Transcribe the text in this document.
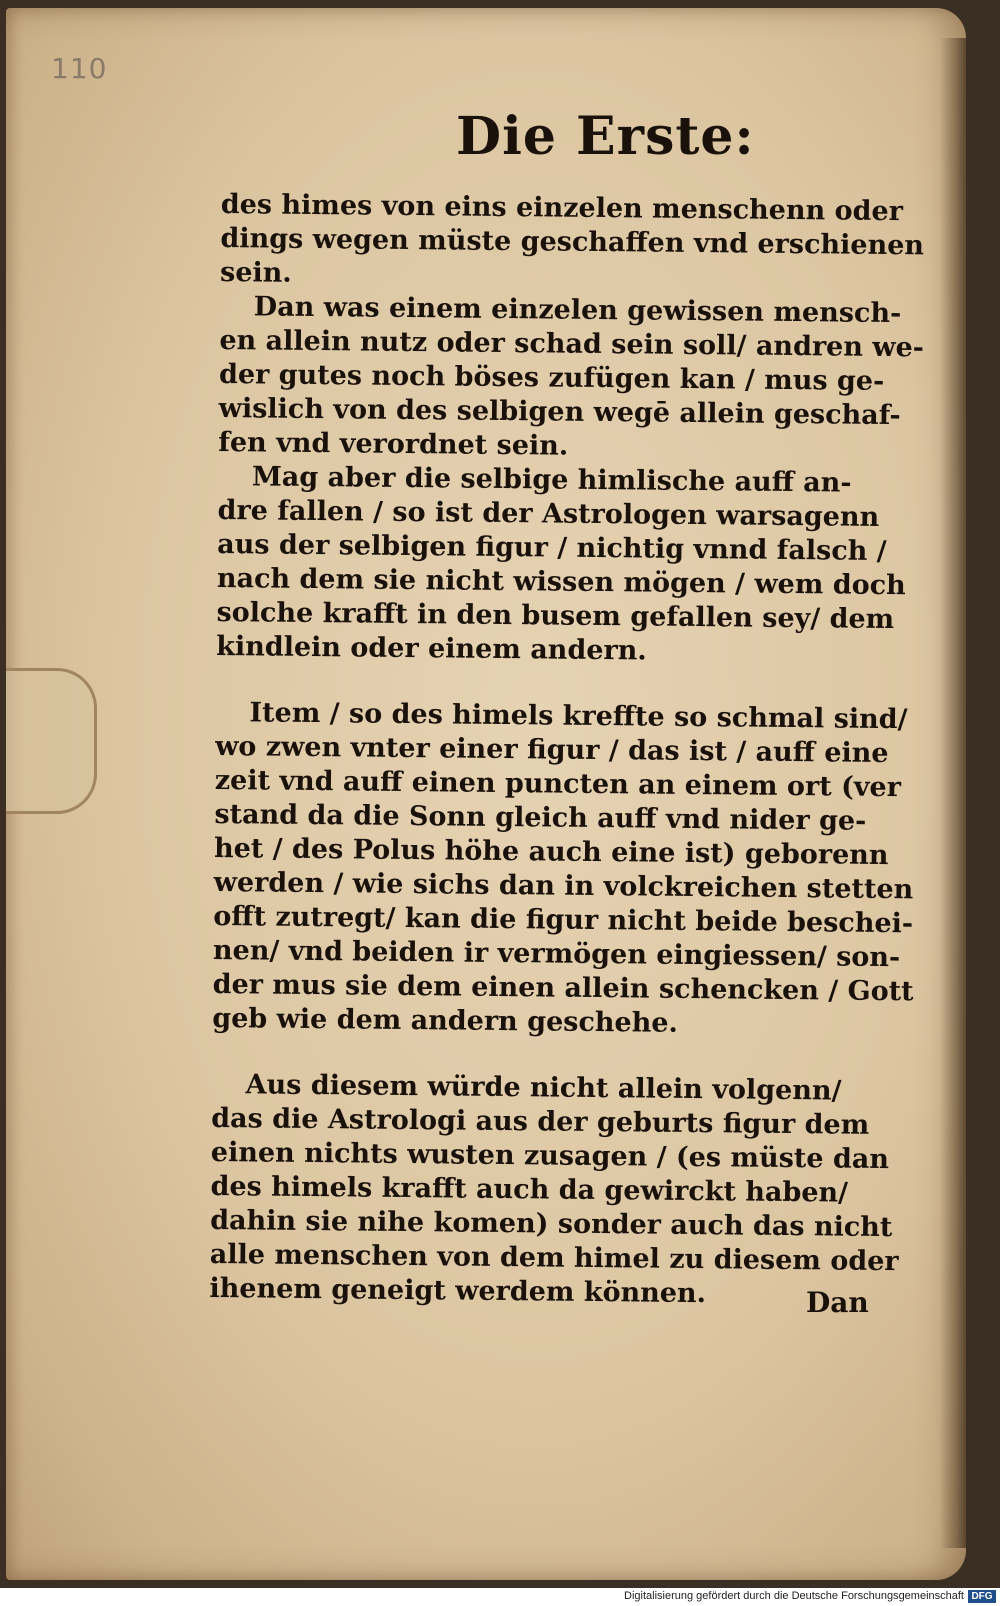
110
Die Erste:
des himes von eins einzelen menschenn oder
dings wegen müste geschaffen vnd erschienen
sein.
Dan was einem einzelen gewissen mensch-
en allein nutz oder schad sein soll/ andren we-
der gutes noch böses zufügen kan / mus ge-
wislich von des selbigen wegē allein geschaf-
fen vnd verordnet sein.
Mag aber die selbige himlische auff an-
dre fallen / so ist der Astrologen warsagenn
aus der selbigen figur / nichtig vnnd falsch /
nach dem sie nicht wissen mögen / wem doch
solche krafft in den busem gefallen sey/ dem
kindlein oder einem andern.
Item / so des himels kreffte so schmal sind/
wo zwen vnter einer figur / das ist / auff eine
zeit vnd auff einen puncten an einem ort (ver
stand da die Sonn gleich auff vnd nider ge-
het / des Polus höhe auch eine ist) geborenn
werden / wie sichs dan in volckreichen stetten
offt zutregt/ kan die figur nicht beide beschei-
nen/ vnd beiden ir vermögen eingiessen/ son-
der mus sie dem einen allein schencken / Gott
geb wie dem andern geschehe.
Aus diesem würde nicht allein volgenn/
das die Astrologi aus der geburts figur dem
einen nichts wusten zusagen / (es müste dan
des himels krafft auch da gewirckt haben/
dahin sie nihe komen) sonder auch das nicht
alle menschen von dem himel zu diesem oder
ihenem geneigt werdem können.	Dan
Digitalisierung gefördert durch die Deutsche Forschungsgemeinschaft DFG
